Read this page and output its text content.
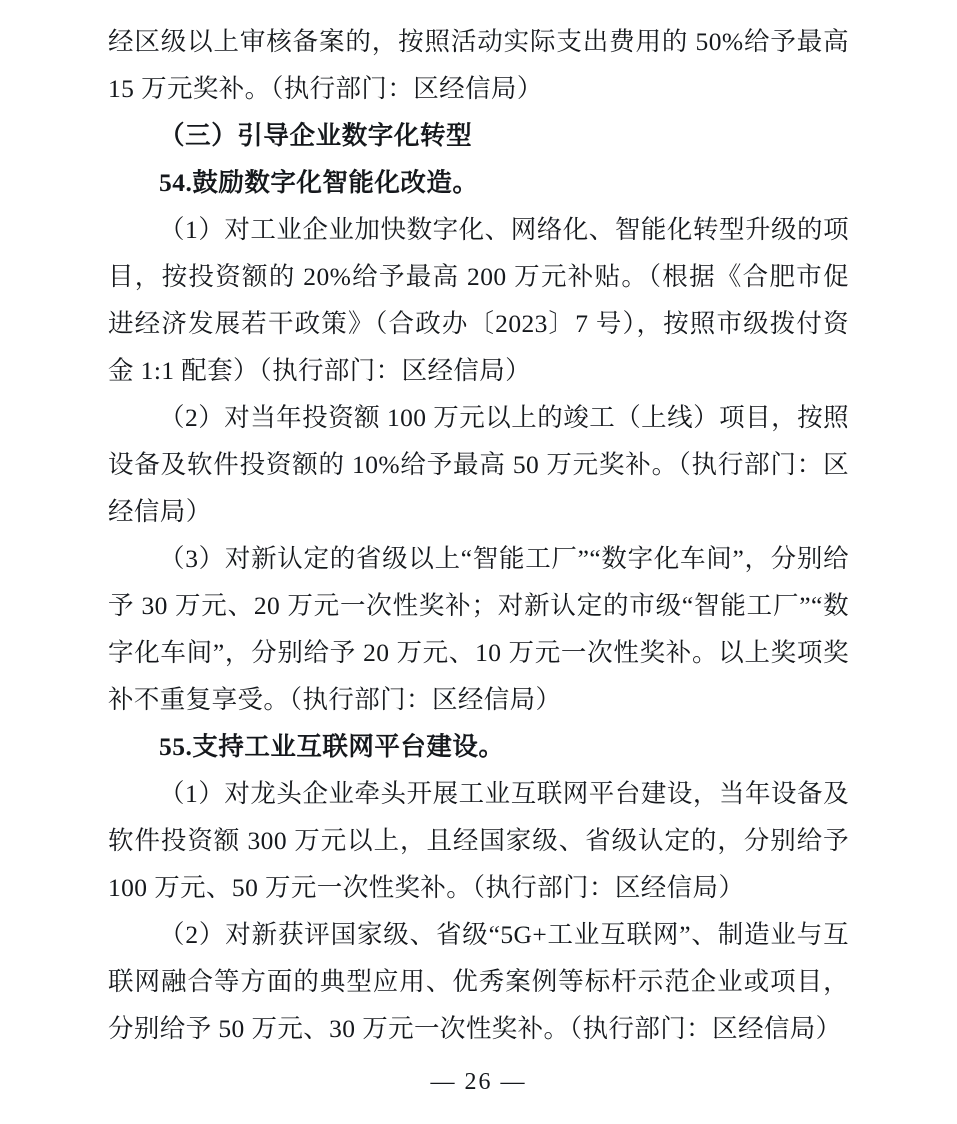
经区级以上审核备案的，按照活动实际支出费用的 50%给予最高 15 万元奖补。（执行部门：区经信局）

（三）引导企业数字化转型

54.鼓励数字化智能化改造。

（1）对工业企业加快数字化、网络化、智能化转型升级的项目，按投资额的 20%给予最高 200 万元补贴。（根据《合肥市促进经济发展若干政策》（合政办〔2023〕7 号），按照市级拨付资金 1:1 配套）（执行部门：区经信局）

（2）对当年投资额 100 万元以上的竣工（上线）项目，按照设备及软件投资额的 10%给予最高 50 万元奖补。（执行部门：区经信局）

（3）对新认定的省级以上“智能工厂”“数字化车间”，分别给予 30 万元、20 万元一次性奖补；对新认定的市级“智能工厂”“数字化车间”，分别给予 20 万元、10 万元一次性奖补。以上奖项奖补不重复享受。（执行部门：区经信局）

55.支持工业互联网平台建设。

（1）对龙头企业牵头开展工业互联网平台建设，当年设备及软件投资额 300 万元以上，且经国家级、省级认定的，分别给予 100 万元、50 万元一次性奖补。（执行部门：区经信局）

（2）对新获评国家级、省级“5G+工业互联网”、制造业与互联网融合等方面的典型应用、优秀案例等标杆示范企业或项目，分别给予 50 万元、30 万元一次性奖补。（执行部门：区经信局）

— 26 —
